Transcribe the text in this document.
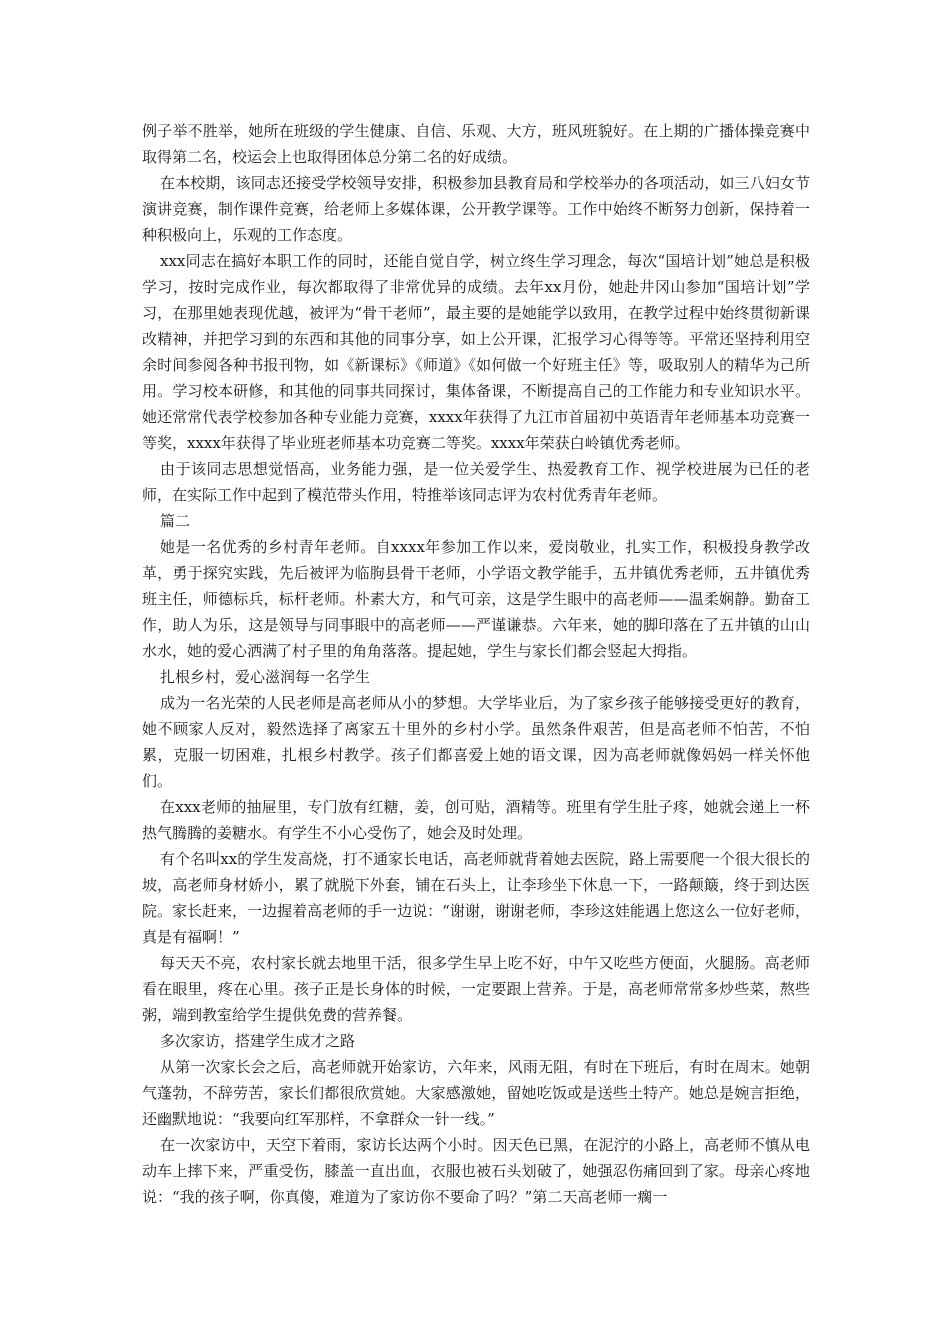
例子举不胜举，她所在班级的学生健康、自信、乐观、大方，班风班貌好。在上期的广播体操竞赛中取得第二名，校运会上也取得团体总分第二名的好成绩。

在本校期，该同志还接受学校领导安排，积极参加县教育局和学校举办的各项活动，如三八妇女节演讲竞赛，制作课件竞赛，给老师上多媒体课，公开教学课等。工作中始终不断努力创新，保持着一种积极向上，乐观的工作态度。

xxx同志在搞好本职工作的同时，还能自觉自学，树立终生学习理念，每次“国培计划”她总是积极学习，按时完成作业，每次都取得了非常优异的成绩。去年xx月份，她赴井冈山参加“国培计划”学习，在那里她表现优越，被评为“骨干老师”，最主要的是她能学以致用，在教学过程中始终贯彻新课改精神，并把学习到的东西和其他的同事分享，如上公开课，汇报学习心得等等。平常还坚持利用空余时间参阅各种书报刊物，如《新课标》《师道》《如何做一个好班主任》等，吸取别人的精华为己所用。学习校本研修，和其他的同事共同探讨，集体备课，不断提高自己的工作能力和专业知识水平。她还常常代表学校参加各种专业能力竞赛，xxxx年获得了九江市首届初中英语青年老师基本功竞赛一等奖，xxxx年获得了毕业班老师基本功竞赛二等奖。xxxx年荣获白岭镇优秀老师。

由于该同志思想觉悟高，业务能力强，是一位关爱学生、热爱教育工作、视学校进展为已任的老师，在实际工作中起到了模范带头作用，特推举该同志评为农村优秀青年老师。

篇二

她是一名优秀的乡村青年老师。自xxxx年参加工作以来，爱岗敬业，扎实工作，积极投身教学改革，勇于探究实践，先后被评为临朐县骨干老师，小学语文教学能手，五井镇优秀老师，五井镇优秀班主任，师德标兵，标杆老师。朴素大方，和气可亲，这是学生眼中的高老师——温柔娴静。勤奋工作，助人为乐，这是领导与同事眼中的高老师——严谨谦恭。六年来，她的脚印落在了五井镇的山山水水，她的爱心洒满了村子里的角角落落。提起她，学生与家长们都会竖起大拇指。

扎根乡村，爱心滋润每一名学生

成为一名光荣的人民老师是高老师从小的梦想。大学毕业后，为了家乡孩子能够接受更好的教育，她不顾家人反对，毅然选择了离家五十里外的乡村小学。虽然条件艰苦，但是高老师不怕苦，不怕累，克服一切困难，扎根乡村教学。孩子们都喜爱上她的语文课，因为高老师就像妈妈一样关怀他们。

在xxx老师的抽屉里，专门放有红糖，姜，创可贴，酒精等。班里有学生肚子疼，她就会递上一杯热气腾腾的姜糖水。有学生不小心受伤了，她会及时处理。

有个名叫xx的学生发高烧，打不通家长电话，高老师就背着她去医院，路上需要爬一个很大很长的坡，高老师身材娇小，累了就脱下外套，铺在石头上，让李珍坐下休息一下，一路颠簸，终于到达医院。家长赶来，一边握着高老师的手一边说：“谢谢，谢谢老师，李珍这娃能遇上您这么一位好老师，真是有福啊！”

每天天不亮，农村家长就去地里干活，很多学生早上吃不好，中午又吃些方便面，火腿肠。高老师看在眼里，疼在心里。孩子正是长身体的时候，一定要跟上营养。于是，高老师常常多炒些菜，熬些粥，端到教室给学生提供免费的营养餐。

多次家访，搭建学生成才之路

从第一次家长会之后，高老师就开始家访，六年来，风雨无阻，有时在下班后，有时在周末。她朝气蓬勃，不辞劳苦，家长们都很欣赏她。大家感激她，留她吃饭或是送些土特产。她总是婉言拒绝，还幽默地说：“我要向红军那样，不拿群众一针一线。”

在一次家访中，天空下着雨，家访长达两个小时。因天色已黑，在泥泞的小路上，高老师不慎从电动车上摔下来，严重受伤，膝盖一直出血，衣服也被石头划破了，她强忍伤痛回到了家。母亲心疼地说：“我的孩子啊，你真傻，难道为了家访你不要命了吗？”第二天高老师一瘸一
